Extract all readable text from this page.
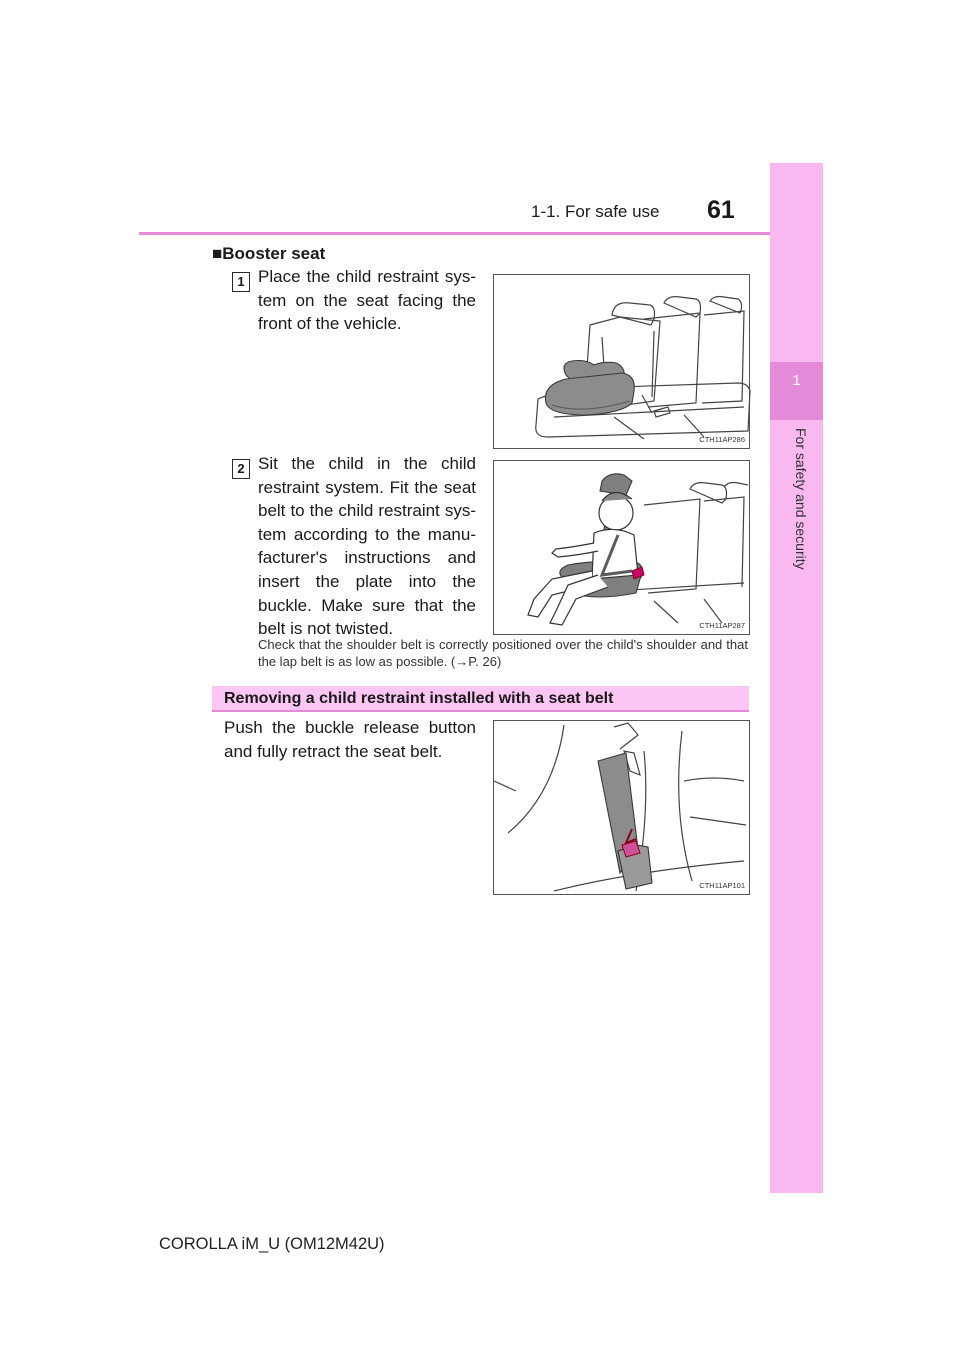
1-1. For safe use 61
1
For safety and security
■Booster seat
1 Place the child restraint sys-tem on the seat facing the front of the vehicle.
CTH11AP286
2 Sit the child in the child restraint system. Fit the seat belt to the child restraint sys-tem according to the manu-facturer's instructions and insert the plate into the buckle. Make sure that the belt is not twisted.	CTH11AP287
Check that the shoulder belt is correctly positioned over the child's shoulder and that the lap belt is as low as possible. (→P. 26)
Removing a child restraint installed with a seat belt
Push the buckle release button and fully retract the seat belt.
CTH11AP101
COROLLA iM_U (OM12M42U)
